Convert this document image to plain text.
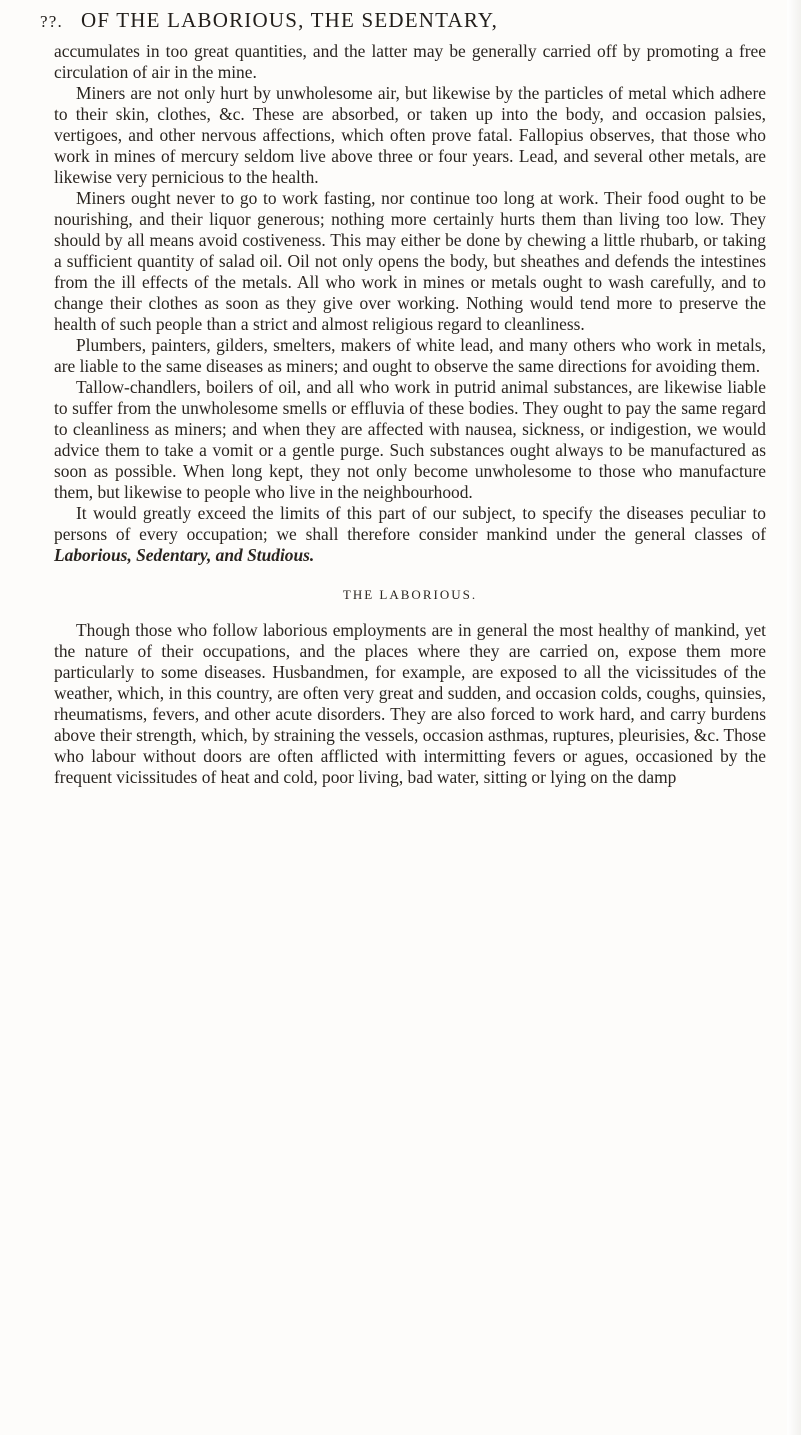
??. OF THE LABORIOUS, THE SEDENTARY,

accumulates in too great quantities, and the latter may be generally carried off by promoting a free circulation of air in the mine.

Miners are not only hurt by unwholesome air, but likewise by the particles of metal which adhere to their skin, clothes, &c. These are absorbed, or taken up into the body, and occasion palsies, vertigoes, and other nervous affections, which often prove fatal. Fallopius observes, that those who work in mines of mercury seldom live above three or four years. Lead, and several other metals, are likewise very pernicious to the health.

Miners ought never to go to work fasting, nor continue too long at work. Their food ought to be nourishing, and their liquor generous; nothing more certainly hurts them than living too low. They should by all means avoid costiveness. This may either be done by chewing a little rhubarb, or taking a sufficient quantity of salad oil. Oil not only opens the body, but sheathes and defends the intestines from the ill effects of the metals. All who work in mines or metals ought to wash carefully, and to change their clothes as soon as they give over working. Nothing would tend more to preserve the health of such people than a strict and almost religious regard to cleanliness.

Plumbers, painters, gilders, smelters, makers of white lead, and many others who work in metals, are liable to the same diseases as miners; and ought to observe the same directions for avoiding them.

Tallow-chandlers, boilers of oil, and all who work in putrid animal substances, are likewise liable to suffer from the unwholesome smells or effluvia of these bodies. They ought to pay the same regard to cleanliness as miners; and when they are affected with nausea, sickness, or indigestion, we would advice them to take a vomit or a gentle purge. Such substances ought always to be manufactured as soon as possible. When long kept, they not only become unwholesome to those who manufacture them, but likewise to people who live in the neighbourhood.

It would greatly exceed the limits of this part of our subject, to specify the diseases peculiar to persons of every occupation; we shall therefore consider mankind under the general classes of Laborious, Sedentary, and Studious.

THE LABORIOUS.

Though those who follow laborious employments are in general the most healthy of mankind, yet the nature of their occupations, and the places where they are carried on, expose them more particularly to some diseases. Husbandmen, for example, are exposed to all the vicissitudes of the weather, which, in this country, are often very great and sudden, and occasion colds, coughs, quinsies, rheumatisms, fevers, and other acute disorders. They are also forced to work hard, and carry burdens above their strength, which, by straining the vessels, occasion asthmas, ruptures, pleurisies, &c. Those who labour without doors are often afflicted with intermitting fevers or agues, occasioned by the frequent vicissitudes of heat and cold, poor living, bad water, sitting or lying on the damp
